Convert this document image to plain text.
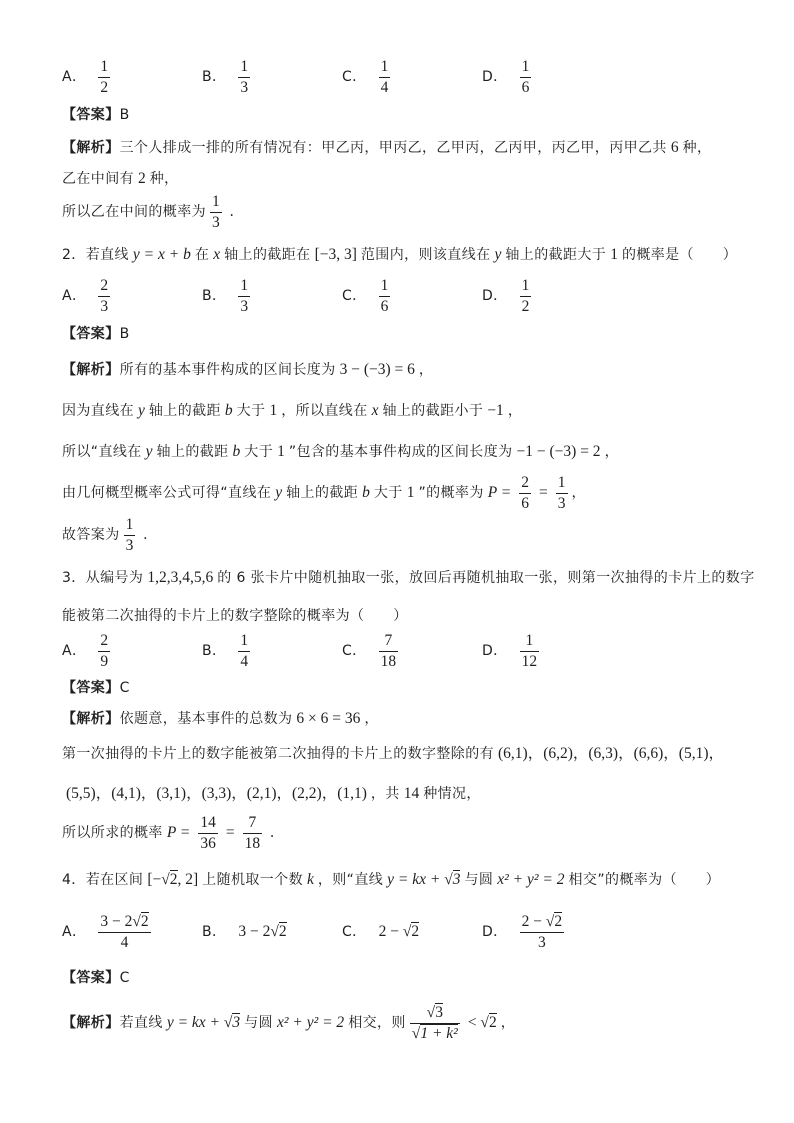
A． $\frac{1}{2}$	B． $\frac{1}{3}$	C． $\frac{1}{4}$	D． $\frac{1}{6}$
【答案】 B
【解析】 三个人排成一排的所有情况有：甲乙丙，甲丙乙，乙甲丙，乙丙甲，丙乙甲，丙甲乙共 6 种，
乙在中间有 2 种，
所以乙在中间的概率为 $\frac{1}{3}$ .
2． 若直线 y = x + b 在 x 轴上的截距在 [−3, 3] 范围内，则该直线在 y 轴上的截距大于 1 的概率是（　　）
A． $\frac{2}{3}$	B． $\frac{1}{3}$	C． $\frac{1}{6}$	D． $\frac{1}{2}$
【答案】 B
【解析】 所有的基本事件构成的区间长度为 3 − (−3) = 6 ，
因为直线在 y 轴上的截距 b 大于 1 ，所以直线在 x 轴上的截距小于 −1 ，
所以“直线在 y 轴上的截距 b 大于 1 ”包含的基本事件构成的区间长度为 −1 − (−3) = 2 ，
由几何概型概率公式可得“直线在 y 轴上的截距 b 大于 1 ”的概率为 $P = \frac{2}{6} = \frac{1}{3}$ ，
故答案为 $\frac{1}{3}$ .
3． 从编号为 1,2,3,4,5,6 的 6 张卡片中随机抽取一张，放回后再随机抽取一张，则第一次抽得的卡片上的数字
能被第二次抽得的卡片上的数字整除的概率为（　　）
A． $\frac{2}{9}$	B． $\frac{1}{4}$	C． $\frac{7}{18}$	D． $\frac{1}{12}$
【答案】 C
【解析】 依题意，基本事件的总数为 6 × 6 = 36 ，
第一次抽得的卡片上的数字能被第二次抽得的卡片上的数字整除的有 (6,1)，(6,2)，(6,3)，(6,6)，(5,1)，
(5,5)，(4,1)，(3,1)，(3,3)，(2,1)，(2,2)，(1,1) ，共 14 种情况，
所以所求的概率 $P = \frac{14}{36} = \frac{7}{18}$ .
4． 若在区间 [−√2, 2] 上随机取一个数 k ，则“直线 y = kx + √3 与圆 x² + y² = 2 相交”的概率为（　　）
A． $\frac{3 - 2√2}{4}$	B． 3 − 2√2	C． 2 − √2	D． $\frac{2 - √2}{3}$
【答案】 C
【解析】 若直线 y = kx + √3 与圆 x² + y² = 2 相交，则 $\frac{√3}{\text{√1 + k²}} < √2$ ，
